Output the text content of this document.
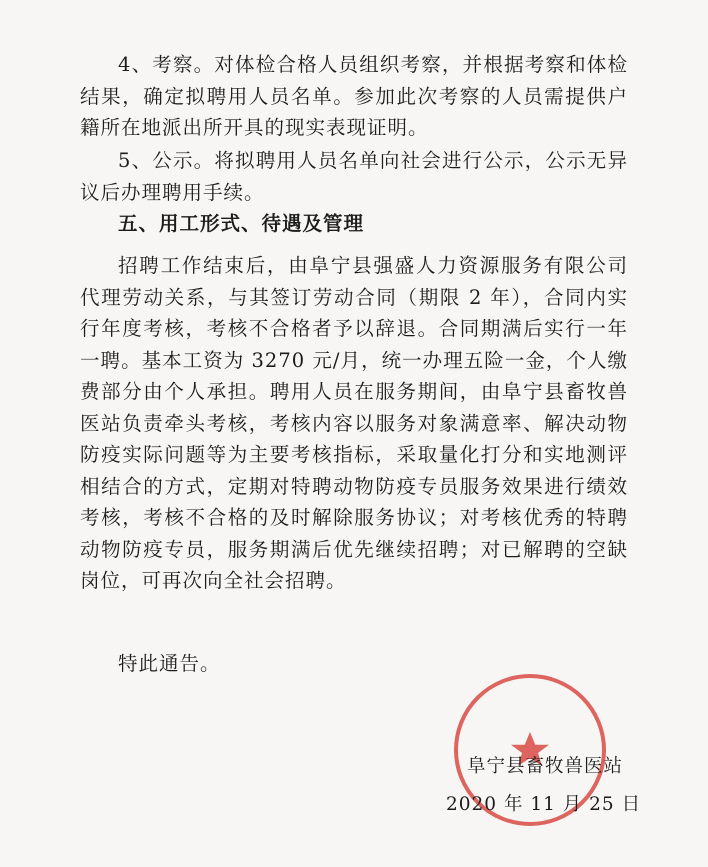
4、考察。对体检合格人员组织考察，并根据考察和体检结果，确定拟聘用人员名单。参加此次考察的人员需提供户籍所在地派出所开具的现实表现证明。

5、公示。将拟聘用人员名单向社会进行公示，公示无异议后办理聘用手续。

五、用工形式、待遇及管理

招聘工作结束后，由阜宁县强盛人力资源服务有限公司代理劳动关系，与其签订劳动合同（期限 2 年），合同内实行年度考核，考核不合格者予以辞退。合同期满后实行一年一聘。基本工资为 3270 元/月，统一办理五险一金，个人缴费部分由个人承担。聘用人员在服务期间，由阜宁县畜牧兽医站负责牵头考核，考核内容以服务对象满意率、解决动物防疫实际问题等为主要考核指标，采取量化打分和实地测评相结合的方式，定期对特聘动物防疫专员服务效果进行绩效考核，考核不合格的及时解除服务协议；对考核优秀的特聘动物防疫专员，服务期满后优先继续招聘；对已解聘的空缺岗位，可再次向全社会招聘。

特此通告。
阜宁县畜牧兽医站
2020 年 11 月 25 日
